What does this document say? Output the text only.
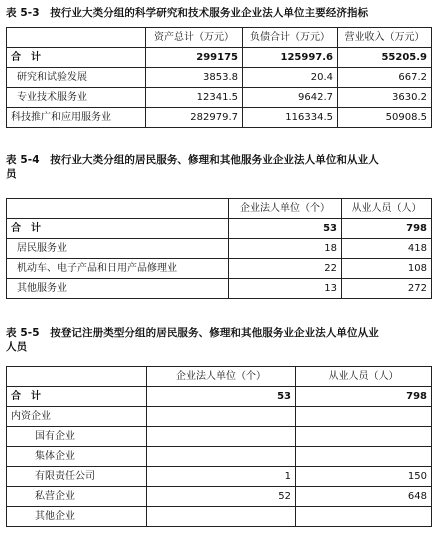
表 5-3　按行业大类分组的科学研究和技术服务业企业法人单位主要经济指标
	资产总计（万元）	负债合计（万元）	营业收入（万元）
合　计	299175	125997.6	55205.9
研究和试验发展	3853.8	20.4	667.2
专业技术服务业	12341.5	9642.7	3630.2
科技推广和应用服务业	282979.7	116334.5	50908.5
表 5-4　按行业大类分组的居民服务、修理和其他服务业企业法人单位和从业人
员
	企业法人单位（个）	从业人员（人）
合　计	53	798
居民服务业	18	418
机动车、电子产品和日用产品修理业	22	108
其他服务业	13	272
表 5-5　按登记注册类型分组的居民服务、修理和其他服务业企业法人单位从业
人员
	企业法人单位（个）	从业人员（人）
合　计	53	798
内资企业		
国有企业		
集体企业		
有限责任公司	1	150
私营企业	52	648
其他企业		
